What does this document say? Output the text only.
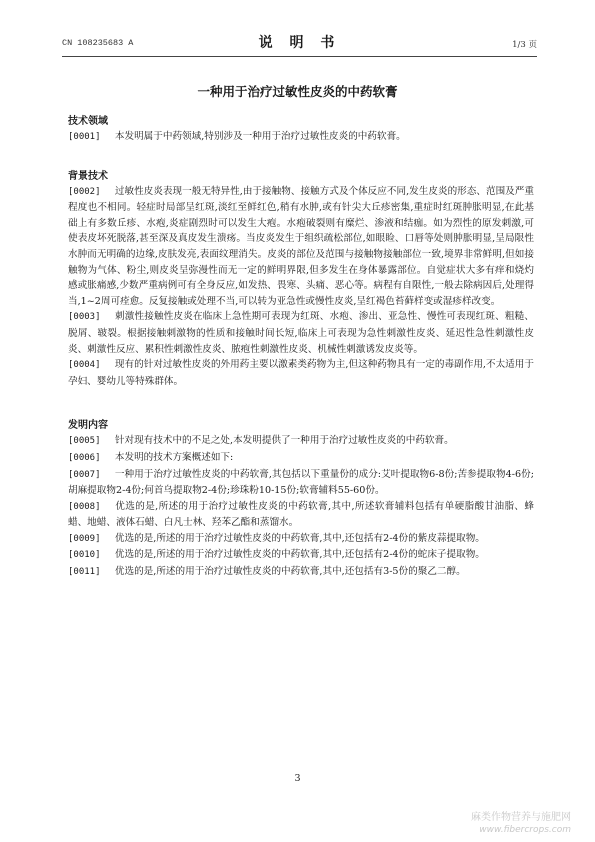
CN 108235683 A	说 明 书	1/3 页
一种用于治疗过敏性皮炎的中药软膏
技术领域
[0001]   本发明属于中药领域,特别涉及一种用于治疗过敏性皮炎的中药软膏。
背景技术
[0002]   过敏性皮炎表现一般无特异性,由于接触物、接触方式及个体反应不同,发生皮炎的形态、范围及严重程度也不相同。轻症时局部呈红斑,淡红至鲜红色,稍有水肿,或有针尖大丘疹密集,重症时红斑肿胀明显,在此基础上有多数丘疹、水疱,炎症剧烈时可以发生大疱。水疱破裂则有糜烂、渗液和结痂。如为烈性的原发刺激,可使表皮坏死脱落,甚至深及真皮发生溃疡。当皮炎发生于组织疏松部位,如眼睑、口唇等处则肿胀明显,呈局限性水肿而无明确的边缘,皮肤发亮,表面纹理消失。皮炎的部位及范围与接触物接触部位一致,境界非常鲜明,但如接触物为气体、粉尘,则皮炎呈弥漫性而无一定的鲜明界限,但多发生在身体暴露部位。自觉症状大多有痒和烧灼感或胀痛感,少数严重病例可有全身反应,如发热、畏寒、头痛、恶心等。病程有自限性,一般去除病因后,处理得当,1~2周可痊愈。反复接触或处理不当,可以转为亚急性或慢性皮炎,呈红褐色苔藓样变或湿疹样改变。
[0003]   刺激性接触性皮炎在临床上急性期可表现为红斑、水疱、渗出、亚急性、慢性可表现红斑、粗糙、脱屑、皲裂。根据接触刺激物的性质和接触时间长短,临床上可表现为急性刺激性皮炎、延迟性急性刺激性皮炎、刺激性反应、累积性刺激性皮炎、脓疱性刺激性皮炎、机械性刺激诱发皮炎等。
[0004]   现有的针对过敏性皮炎的外用药主要以激素类药物为主,但这种药物具有一定的毒副作用,不太适用于孕妇、婴幼儿等特殊群体。
发明内容
[0005]   针对现有技术中的不足之处,本发明提供了一种用于治疗过敏性皮炎的中药软膏。
[0006]   本发明的技术方案概述如下:
[0007]   一种用于治疗过敏性皮炎的中药软膏,其包括以下重量份的成分:艾叶提取物6-8份;苦参提取物4-6份;胡麻提取物2-4份;何首乌提取物2-4份;珍珠粉10-15份;软膏辅料55-60份。
[0008]   优选的是,所述的用于治疗过敏性皮炎的中药软膏,其中,所述软膏辅料包括有单硬脂酸甘油脂、蜂蜡、地蜡、液体石蜡、白凡士林、羟苯乙酯和蒸馏水。
[0009]   优选的是,所述的用于治疗过敏性皮炎的中药软膏,其中,还包括有2-4份的紫皮蒜提取物。
[0010]   优选的是,所述的用于治疗过敏性皮炎的中药软膏,其中,还包括有2-4份的蛇床子提取物。
[0011]   优选的是,所述的用于治疗过敏性皮炎的中药软膏,其中,还包括有3-5份的聚乙二醇。
3
麻类作物营养与施肥网
www.fibercrops.com
